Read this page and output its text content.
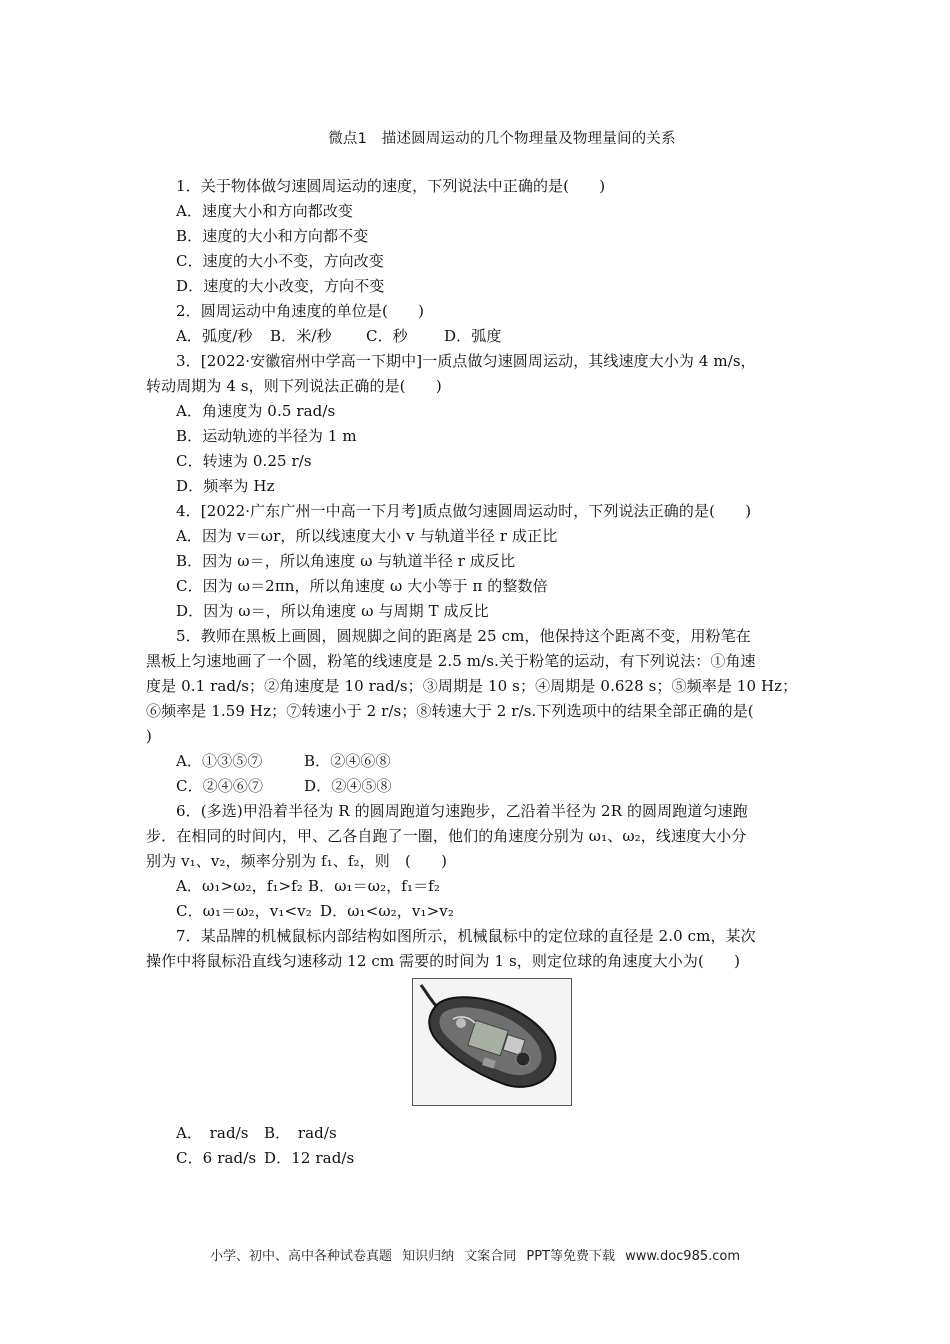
微点1　描述圆周运动的几个物理量及物理量间的关系
1．关于物体做匀速圆周运动的速度，下列说法中正确的是(　　)
A．速度大小和方向都改变
B．速度的大小和方向都不变
C．速度的大小不变，方向改变
D．速度的大小改变，方向不变
2．圆周运动中角速度的单位是(　　)
A．弧度/秒 B．米/秒 C．秒 D．弧度
3．[2022·安徽宿州中学高一下期中]一质点做匀速圆周运动，其线速度大小为 4 m/s，
转动周期为 4 s，则下列说法正确的是(　　)
A．角速度为 0.5 rad/s
B．运动轨迹的半径为 1 m
C．转速为 0.25 r/s
D．频率为 Hz
4．[2022·广东广州一中高一下月考]质点做匀速圆周运动时，下列说法正确的是(　　)
A．因为 v＝ωr，所以线速度大小 v 与轨道半径 r 成正比
B．因为 ω＝，所以角速度 ω 与轨道半径 r 成反比
C．因为 ω＝2πn，所以角速度 ω 大小等于 π 的整数倍
D．因为 ω＝，所以角速度 ω 与周期 T 成反比
5．教师在黑板上画圆，圆规脚之间的距离是 25 cm，他保持这个距离不变，用粉笔在
黑板上匀速地画了一个圆，粉笔的线速度是 2.5 m/s.关于粉笔的运动，有下列说法：①角速
度是 0.1 rad/s；②角速度是 10 rad/s；③周期是 10 s；④周期是 0.628 s；⑤频率是 10 Hz；
⑥频率是 1.59 Hz；⑦转速小于 2 r/s；⑧转速大于 2 r/s.下列选项中的结果全部正确的是(
)
A．①③⑤⑦	B．②④⑥⑧
C．②④⑥⑦	D．②④⑤⑧
6．(多选)甲沿着半径为 R 的圆周跑道匀速跑步，乙沿着半径为 2R 的圆周跑道匀速跑
步．在相同的时间内，甲、乙各自跑了一圈，他们的角速度分别为 ω₁、ω₂，线速度大小分
别为 v₁、v₂，频率分别为 f₁、f₂，则　(　　)
A．ω₁>ω₂，f₁>f₂ B．ω₁＝ω₂，f₁＝f₂
C．ω₁＝ω₂，v₁<v₂ D．ω₁<ω₂，v₁>v₂
7．某品牌的机械鼠标内部结构如图所示，机械鼠标中的定位球的直径是 2.0 cm，某次
操作中将鼠标沿直线匀速移动 12 cm 需要的时间为 1 s，则定位球的角速度大小为(　　)
A．　rad/s B．　rad/s
C．6 rad/s D．12 rad/s
小学、初中、高中各种试卷真题 知识归纳 文案合同 PPT等免费下载 www.doc985.com
